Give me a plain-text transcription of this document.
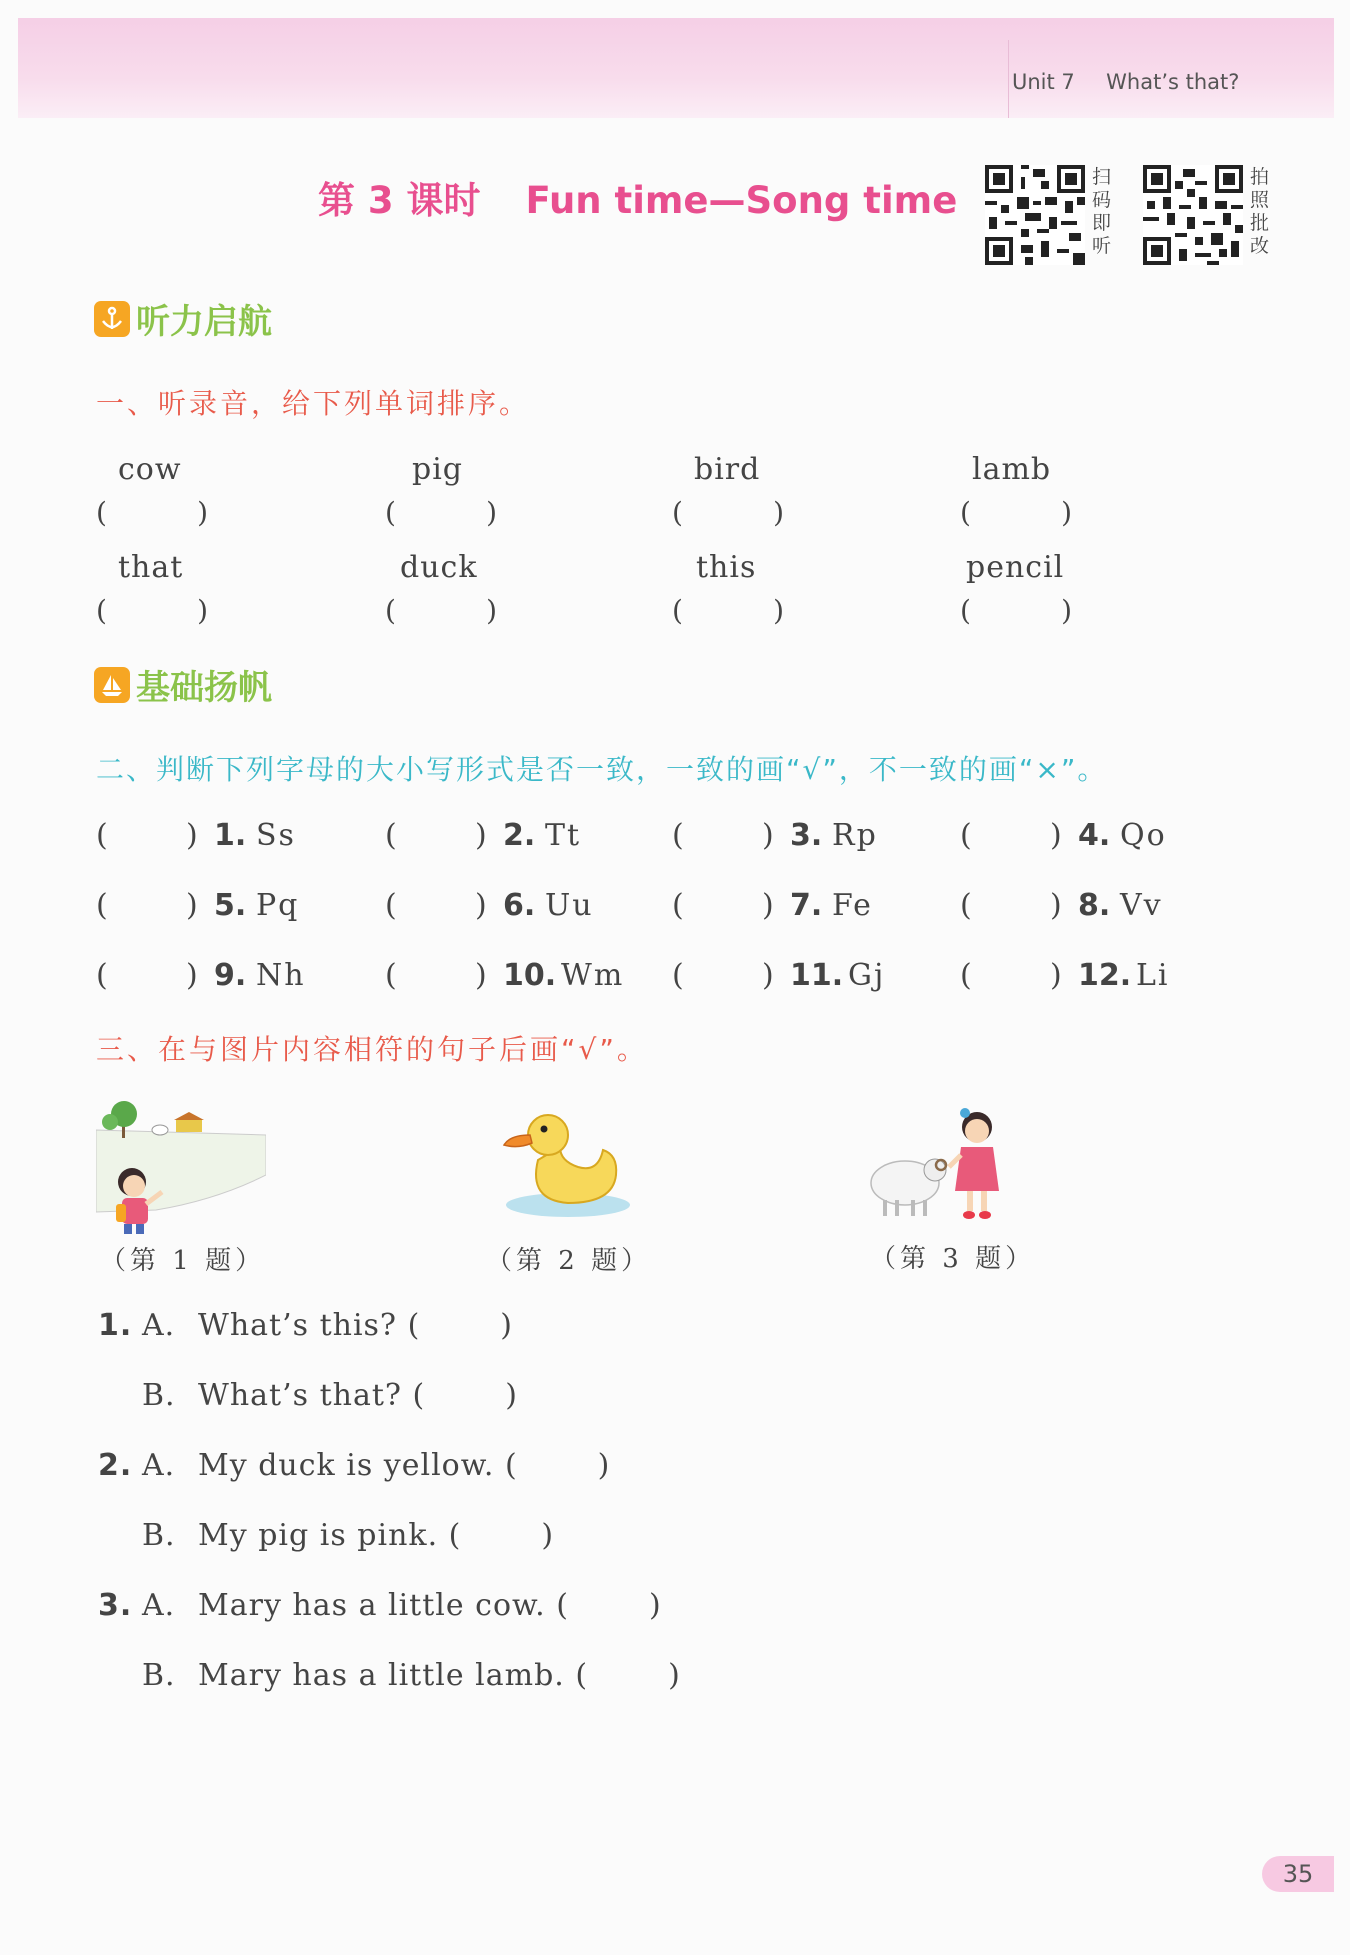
Unit 7 What’s that?
第 3 课时 Fun time—Song time
扫码即听
拍照批改
听力启航
一、听录音，给下列单词排序。
cow	pig	bird	lamb
(	)	(	)	(	)	(	)
that	duck	this	pencil
(	)	(	)	(	)	(	)
基础扬帆
二、判断下列字母的大小写形式是否一致，一致的画“√”，不一致的画“×”。
(	) 1. Ss	(	) 2. Tt	(	) 3. Rp	(	) 4. Qo
(	) 5. Pq	(	) 6. Uu	(	) 7. Fe	(	) 8. Vv
(	) 9. Nh	(	) 10. Wm (	) 11. Gj (	) 12. Li
三、在与图片内容相符的句子后画“√”。
（第 1 题）	（第 2 题）	（第 3 题）
1. A. What’s this? (	)
B. What’s that? (	)
2. A. My duck is yellow. (	)
B. My pig is pink. (	)
3. A. Mary has a little cow. (	)
B. Mary has a little lamb. (	)
35
